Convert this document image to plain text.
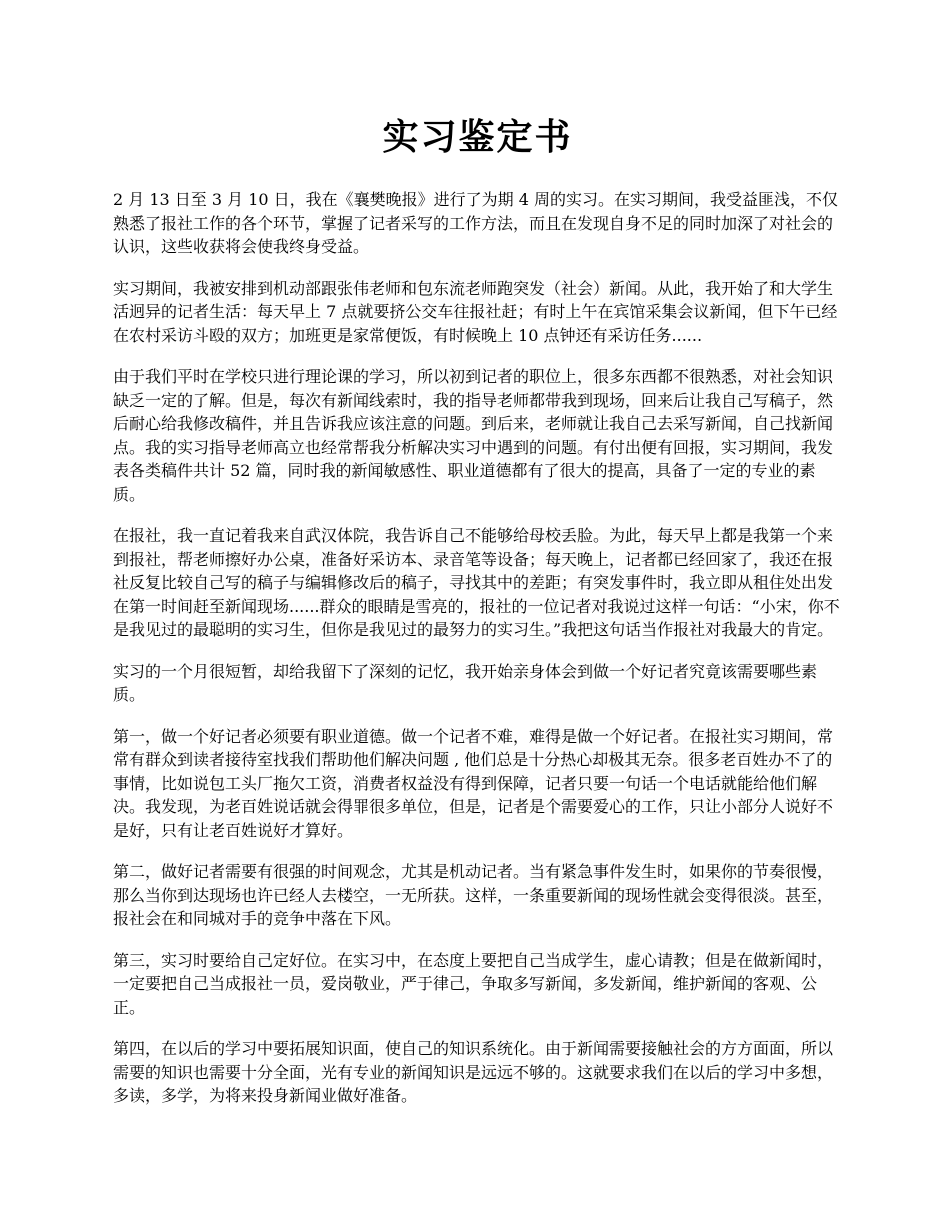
实习鉴定书

2 月 13 日至 3 月 10 日，我在《襄樊晚报》进行了为期 4 周的实习。在实习期间，我受益匪浅，不仅熟悉了报社工作的各个环节，掌握了记者采写的工作方法，而且在发现自身不足的同时加深了对社会的认识，这些收获将会使我终身受益。

实习期间，我被安排到机动部跟张伟老师和包东流老师跑突发（社会）新闻。从此，我开始了和大学生活迥异的记者生活：每天早上 7 点就要挤公交车往报社赶；有时上午在宾馆采集会议新闻，但下午已经在农村采访斗殴的双方；加班更是家常便饭，有时候晚上 10 点钟还有采访任务......

由于我们平时在学校只进行理论课的学习，所以初到记者的职位上，很多东西都不很熟悉，对社会知识缺乏一定的了解。但是，每次有新闻线索时，我的指导老师都带我到现场，回来后让我自己写稿子，然后耐心给我修改稿件，并且告诉我应该注意的问题。到后来，老师就让我自己去采写新闻，自己找新闻点。我的实习指导老师高立也经常帮我分析解决实习中遇到的问题。有付出便有回报，实习期间，我发表各类稿件共计 52 篇，同时我的新闻敏感性、职业道德都有了很大的提高，具备了一定的专业的素质。

在报社，我一直记着我来自武汉体院，我告诉自己不能够给母校丢脸。为此，每天早上都是我第一个来到报社，帮老师擦好办公桌，准备好采访本、录音笔等设备；每天晚上，记者都已经回家了，我还在报社反复比较自己写的稿子与编辑修改后的稿子，寻找其中的差距；有突发事件时，我立即从租住处出发在第一时间赶至新闻现场......群众的眼睛是雪亮的，报社的一位记者对我说过这样一句话：“小宋，你不是我见过的最聪明的实习生，但你是我见过的最努力的实习生。”我把这句话当作报社对我最大的肯定。

实习的一个月很短暂，却给我留下了深刻的记忆，我开始亲身体会到做一个好记者究竟该需要哪些素质。

第一，做一个好记者必须要有职业道德。做一个记者不难，难得是做一个好记者。在报社实习期间，常常有群众到读者接待室找我们帮助他们解决问题 , 他们总是十分热心却极其无奈。很多老百姓办不了的事情，比如说包工头厂拖欠工资，消费者权益没有得到保障，记者只要一句话一个电话就能给他们解决。我发现，为老百姓说话就会得罪很多单位，但是，记者是个需要爱心的工作，只让小部分人说好不是好，只有让老百姓说好才算好。

第二，做好记者需要有很强的时间观念，尤其是机动记者。当有紧急事件发生时，如果你的节奏很慢， 那么当你到达现场也许已经人去楼空，一无所获。这样，一条重要新闻的现场性就会变得很淡。甚至，报社会在和同城对手的竞争中落在下风。

第三，实习时要给自己定好位。在实习中，在态度上要把自己当成学生，虚心请教；但是在做新闻时，一定要把自己当成报社一员，爱岗敬业，严于律己，争取多写新闻，多发新闻，维护新闻的客观、公正。

第四，在以后的学习中要拓展知识面，使自己的知识系统化。由于新闻需要接触社会的方方面面，所以需要的知识也需要十分全面，光有专业的新闻知识是远远不够的。这就要求我们在以后的学习中多想，多读，多学，为将来投身新闻业做好准备。
